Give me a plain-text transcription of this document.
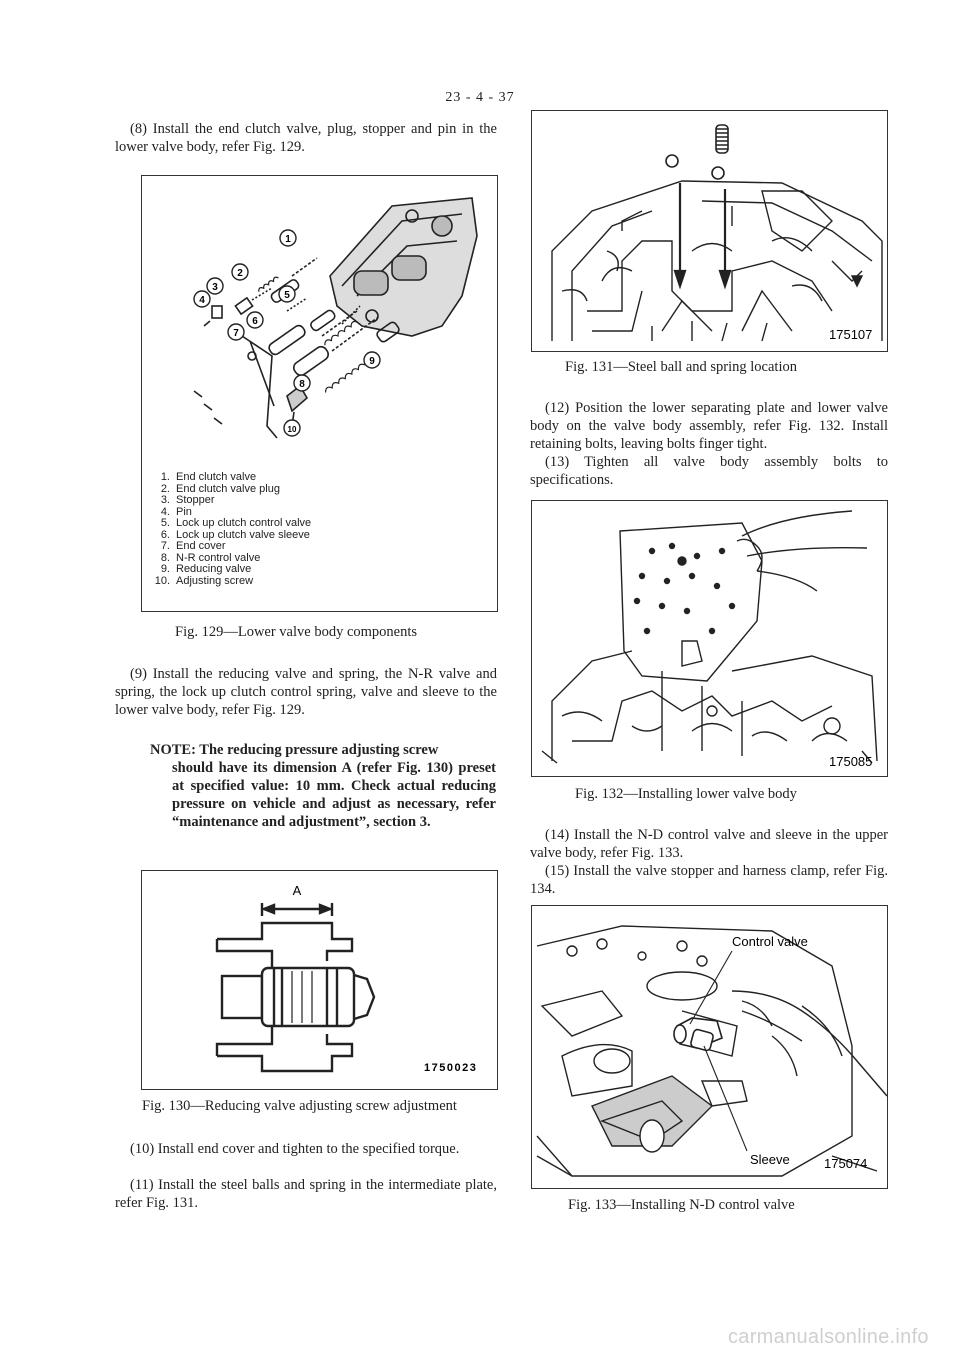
23 - 4 - 37

(8) Install the end clutch valve, plug, stopper and pin in the lower valve body, refer Fig. 129.

1
2
3
4	5
6
7
8
9
10
1. End clutch valve
2. End clutch valve plug
3. Stopper
4. Pin
5. Lock up clutch control valve
6. Lock up clutch valve sleeve
7. End cover
8. N-R control valve
9. Reducing valve
10. Adjusting screw
Fig. 129—Lower valve body components

(9) Install the reducing valve and spring, the N-R valve and spring, the lock up clutch control spring, valve and sleeve to the lower valve body, refer Fig. 129.

NOTE: The reducing pressure adjusting screw
should have its dimension A (refer Fig. 130) preset at specified value: 10 mm. Check actual reducing pressure on vehicle and adjust as necessary, refer “maintenance and adjustment”, section 3.
A
1750023
Fig. 130—Reducing valve adjusting screw adjustment

(10) Install end cover and tighten to the specified torque.

(11) Install the steel balls and spring in the intermediate plate, refer Fig. 131.

175107
Fig. 131—Steel ball and spring location

(12) Position the lower separating plate and lower valve body on the valve body assembly, refer Fig. 132. Install retaining bolts, leaving bolts finger tight.

(13) Tighten all valve body assembly bolts to specifications.

175085
Fig. 132—Installing lower valve body

(14) Install the N-D control valve and sleeve in the upper valve body, refer Fig. 133.

(15) Install the valve stopper and harness clamp, refer Fig. 134.

Control valve
Sleeve	175074
Fig. 133—Installing N-D control valve
carmanualsonline.info
